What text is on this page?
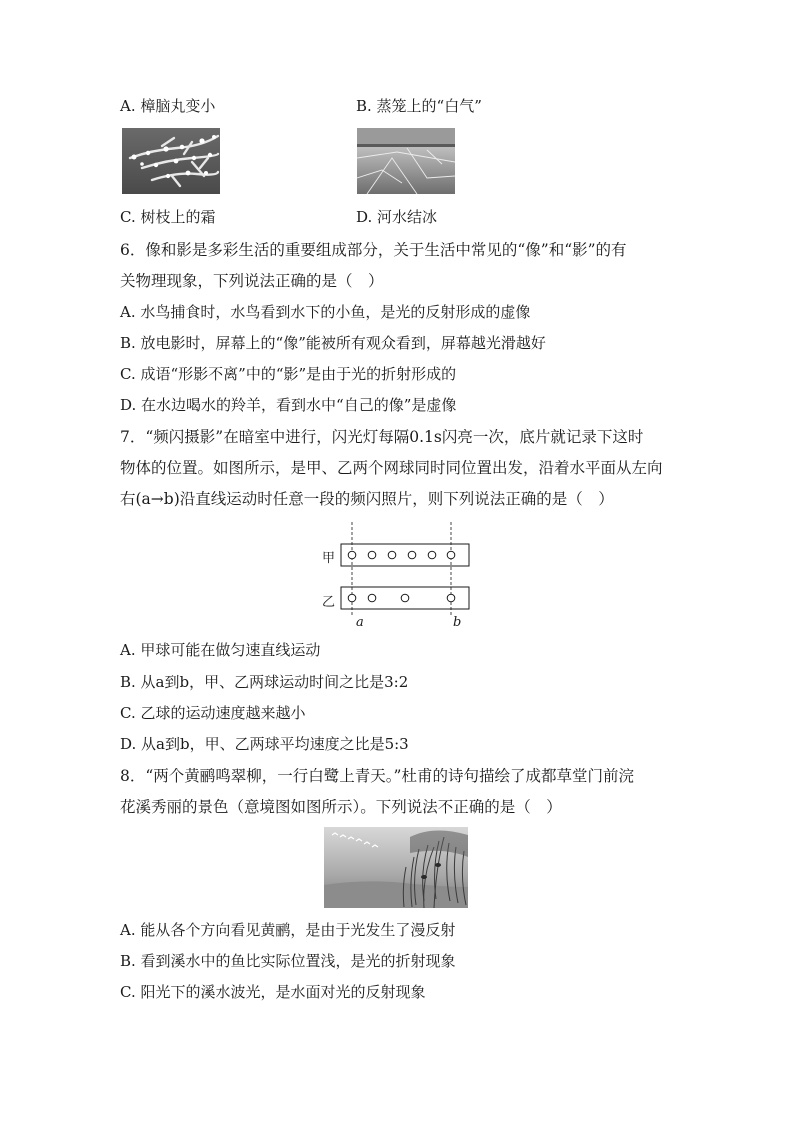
A. 樟脑丸变小	B. 蒸笼上的“白气”
C. 树枝上的霜	D. 河水结冰
6．像和影是多彩生活的重要组成部分，关于生活中常见的“像”和“影”的有
关物理现象，下列说法正确的是（　）
A. 水鸟捕食时，水鸟看到水下的小鱼，是光的反射形成的虚像
B. 放电影时，屏幕上的“像”能被所有观众看到，屏幕越光滑越好
C. 成语“形影不离”中的“影”是由于光的折射形成的
D. 在水边喝水的羚羊，看到水中“自己的像”是虚像
7．“频闪摄影”在暗室中进行，闪光灯每隔0.1s闪亮一次，底片就记录下这时
物体的位置。如图所示，是甲、乙两个网球同时同位置出发，沿着水平面从左向
右(a→b)沿直线运动时任意一段的频闪照片，则下列说法正确的是（　）
甲
乙
a	b
A. 甲球可能在做匀速直线运动
B. 从a到b，甲、乙两球运动时间之比是3:2
C. 乙球的运动速度越来越小
D. 从a到b，甲、乙两球平均速度之比是5:3
8．“两个黄鹂鸣翠柳，一行白鹭上青天。”杜甫的诗句描绘了成都草堂门前浣
花溪秀丽的景色（意境图如图所示）。下列说法不正确的是（　）
A. 能从各个方向看见黄鹂，是由于光发生了漫反射
B. 看到溪水中的鱼比实际位置浅，是光的折射现象
C. 阳光下的溪水波光，是水面对光的反射现象
